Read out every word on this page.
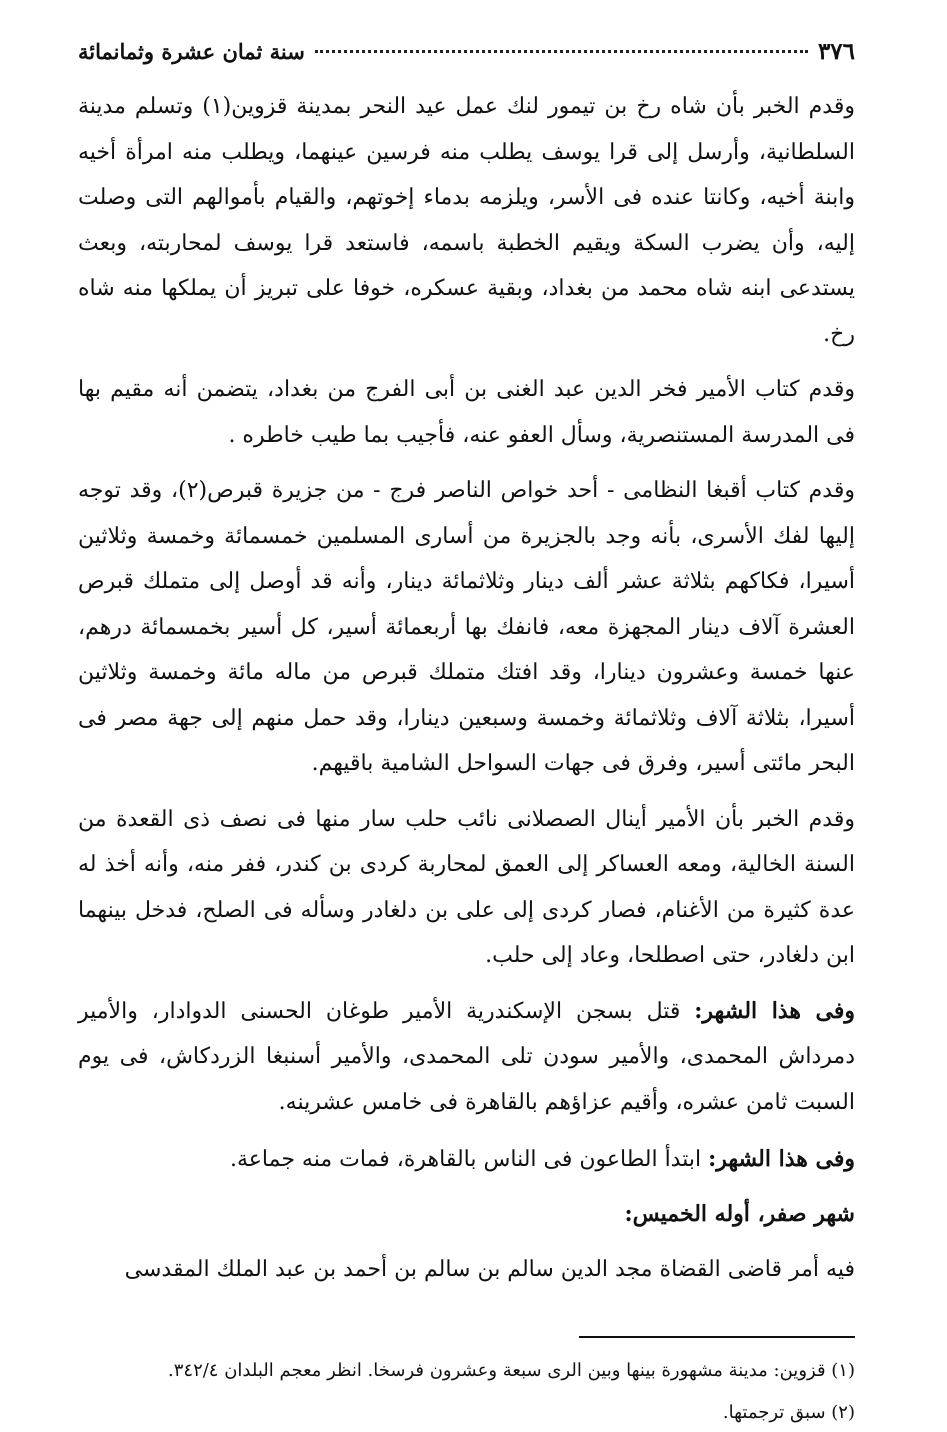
٣٧٦
سنة ثمان عشرة وثمانمائة

وقدم الخبر بأن شاه رخ بن تيمور لنك عمل عيد النحر بمدينة قزوين(١) وتسلم مدينة السلطانية، وأرسل إلى قرا يوسف يطلب منه فرسين عينهما، ويطلب منه امرأة أخيه وابنة أخيه، وكانتا عنده فى الأسر، ويلزمه بدماء إخوتهم، والقيام بأموالهم التى وصلت إليه، وأن يضرب السكة ويقيم الخطبة باسمه، فاستعد قرا يوسف لمحاربته، وبعث يستدعى ابنه شاه محمد من بغداد، وبقية عسكره، خوفا على تبريز أن يملكها منه شاه رخ.

وقدم كتاب الأمير فخر الدين عبد الغنى بن أبى الفرج من بغداد، يتضمن أنه مقيم بها فى المدرسة المستنصرية، وسأل العفو عنه، فأجيب بما طيب خاطره .

وقدم كتاب أقبغا النظامى - أحد خواص الناصر فرج - من جزيرة قبرص(٢)، وقد توجه إليها لفك الأسرى، بأنه وجد بالجزيرة من أسارى المسلمين خمسمائة وخمسة وثلاثين أسيرا، فكاكهم بثلاثة عشر ألف دينار وثلاثمائة دينار، وأنه قد أوصل إلى متملك قبرص العشرة آلاف دينار المجهزة معه، فانفك بها أربعمائة أسير، كل أسير بخمسمائة درهم، عنها خمسة وعشرون دينارا، وقد افتك متملك قبرص من ماله مائة وخمسة وثلاثين أسيرا، بثلاثة آلاف وثلاثمائة وخمسة وسبعين دينارا، وقد حمل منهم إلى جهة مصر فى البحر مائتى أسير، وفرق فى جهات السواحل الشامية باقيهم.

وقدم الخبر بأن الأمير أينال الصصلانى نائب حلب سار منها فى نصف ذى القعدة من السنة الخالية، ومعه العساكر إلى العمق لمحاربة كردى بن كندر، ففر منه، وأنه أخذ له عدة كثيرة من الأغنام، فصار كردى إلى على بن دلغادر وسأله فى الصلح، فدخل بينهما ابن دلغادر، حتى اصطلحا، وعاد إلى حلب.

وفى هذا الشهر: قتل بسجن الإسكندرية الأمير طوغان الحسنى الدوادار، والأمير دمرداش المحمدى، والأمير سودن تلى المحمدى، والأمير أسنبغا الزردكاش، فى يوم السبت ثامن عشره، وأقيم عزاؤهم بالقاهرة فى خامس عشرينه.

وفى هذا الشهر: ابتدأ الطاعون فى الناس بالقاهرة، فمات منه جماعة.

شهر صفر، أوله الخميس:

فيه أمر قاضى القضاة مجد الدين سالم بن سالم بن أحمد بن عبد الملك المقدسى

(١) قزوين: مدينة مشهورة بينها وبين الرى سبعة وعشرون فرسخا. انظر معجم البلدان ٣٤٢/٤.

(٢) سبق ترجمتها.
